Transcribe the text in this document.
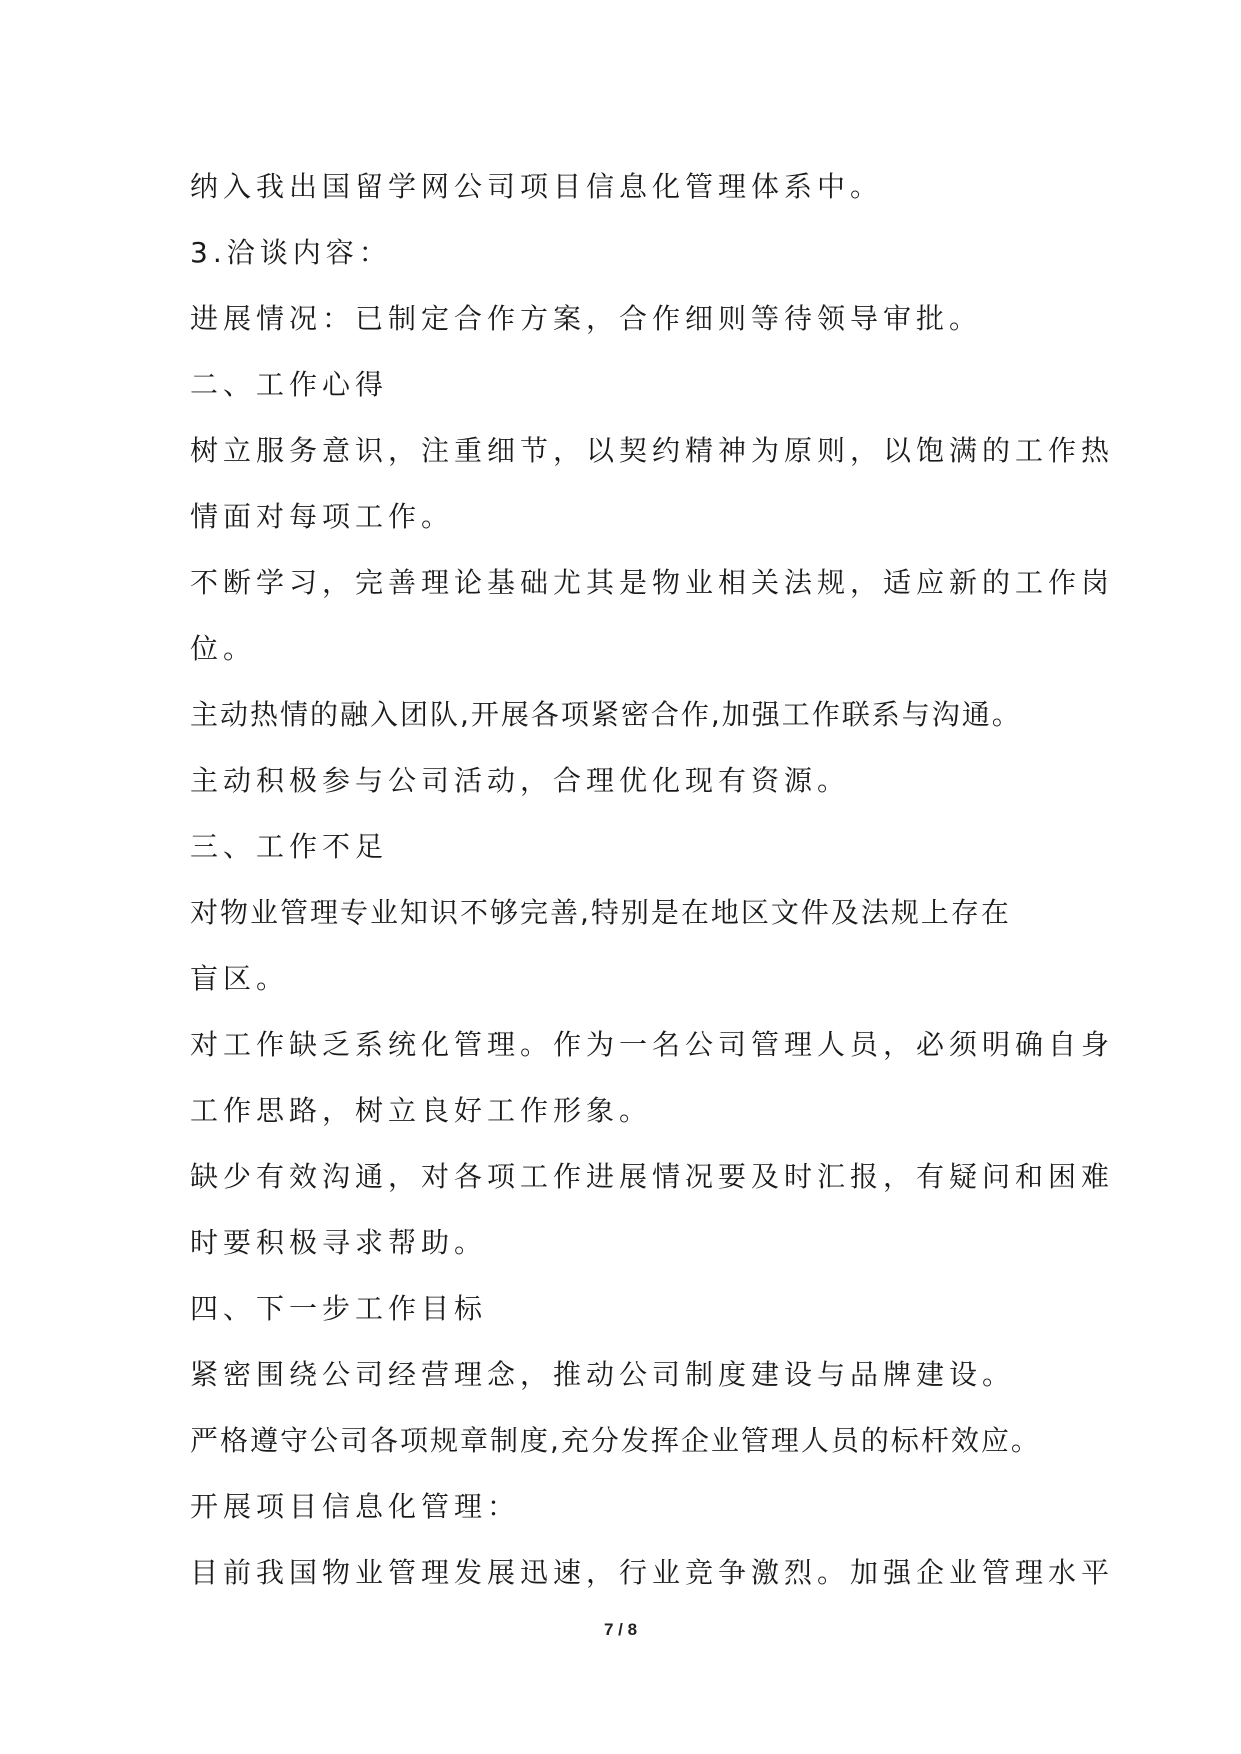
纳入我出国留学网公司项目信息化管理体系中。
3.洽谈内容：
进展情况：已制定合作方案，合作细则等待领导审批。
二、工作心得
树立服务意识，注重细节，以契约精神为原则，以饱满的工作热
情面对每项工作。
不断学习，完善理论基础尤其是物业相关法规，适应新的工作岗
位。
主动热情的融入团队,开展各项紧密合作,加强工作联系与沟通。
主动积极参与公司活动，合理优化现有资源。
三、工作不足
对物业管理专业知识不够完善,特别是在地区文件及法规上存在
盲区。
对工作缺乏系统化管理。作为一名公司管理人员，必须明确自身
工作思路，树立良好工作形象。
缺少有效沟通，对各项工作进展情况要及时汇报，有疑问和困难
时要积极寻求帮助。
四、下一步工作目标
紧密围绕公司经营理念，推动公司制度建设与品牌建设。
严格遵守公司各项规章制度,充分发挥企业管理人员的标杆效应。
开展项目信息化管理：
目前我国物业管理发展迅速，行业竞争激烈。加强企业管理水平
7 / 8
